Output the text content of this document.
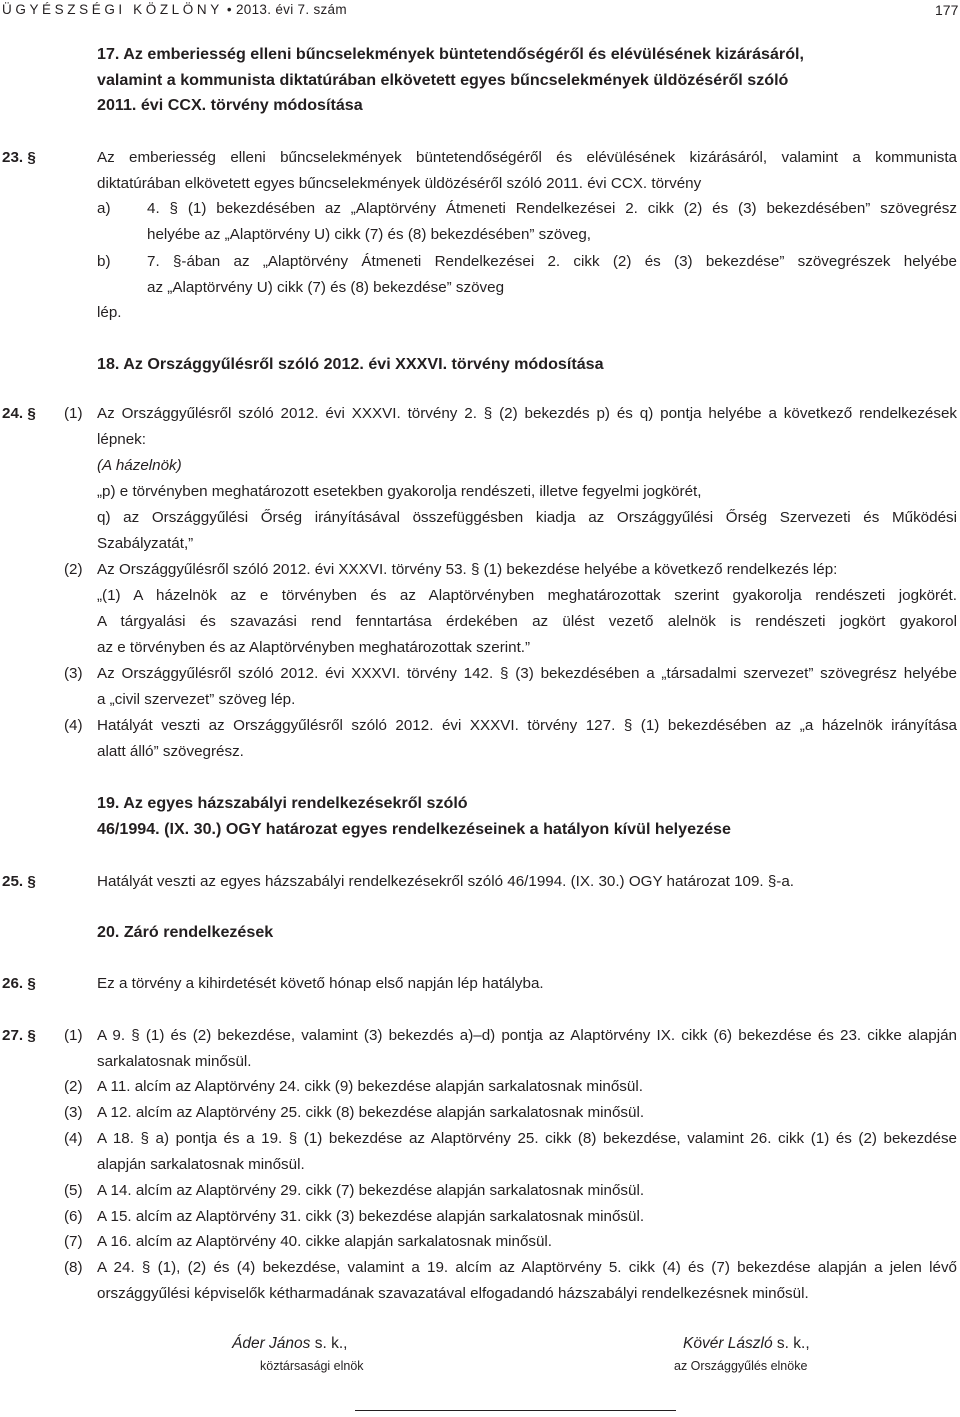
ÜGYÉSZSÉGI KÖZLÖNY • 2013. évi 7. szám	177
17. Az emberiesség elleni bűncselekmények büntetendőségéről és elévülésének kizárásáról,
valamint a kommunista diktatúrában elkövetett egyes bűncselekmények üldözéséről szóló
2011. évi CCX. törvény módosítása
23. §	Az emberiesség elleni bűncselekmények büntetendőségéről és elévülésének kizárásáról, valamint a kommunista
diktatúrában elkövetett egyes bűncselekmények üldözéséről szóló 2011. évi CCX. törvény
a) 4. § (1) bekezdésében az „Alaptörvény Átmeneti Rendelkezései 2. cikk (2) és (3) bekezdésében” szövegrész
helyébe az „Alaptörvény U) cikk (7) és (8) bekezdésében” szöveg,
b) 7. §-ában az „Alaptörvény Átmeneti Rendelkezései 2. cikk (2) és (3) bekezdése” szövegrészek helyébe
az „Alaptörvény U) cikk (7) és (8) bekezdése” szöveg
lép.
18. Az Országgyűlésről szóló 2012. évi XXXVI. törvény módosítása
24. § (1) Az Országgyűlésről szóló 2012. évi XXXVI. törvény 2. § (2) bekezdés p) és q) pontja helyébe a következő rendelkezések
lépnek:
(A házelnök)
„p) e törvényben meghatározott esetekben gyakorolja rendészeti, illetve fegyelmi jogkörét,
q) az Országgyűlési Őrség irányításával összefüggésben kiadja az Országgyűlési Őrség Szervezeti és Működési
Szabályzatát,”
(2) Az Országgyűlésről szóló 2012. évi XXXVI. törvény 53. § (1) bekezdése helyébe a következő rendelkezés lép:
„(1) A házelnök az e törvényben és az Alaptörvényben meghatározottak szerint gyakorolja rendészeti jogkörét.
A tárgyalási és szavazási rend fenntartása érdekében az ülést vezető alelnök is rendészeti jogkört gyakorol
az e törvényben és az Alaptörvényben meghatározottak szerint.”
(3) Az Országgyűlésről szóló 2012. évi XXXVI. törvény 142. § (3) bekezdésében a „társadalmi szervezet” szövegrész helyébe
a „civil szervezet” szöveg lép.
(4) Hatályát veszti az Országgyűlésről szóló 2012. évi XXXVI. törvény 127. § (1) bekezdésében az „a házelnök irányítása
alatt álló” szövegrész.
19. Az egyes házszabályi rendelkezésekről szóló
46/1994. (IX. 30.) OGY határozat egyes rendelkezéseinek a hatályon kívül helyezése
25. §	Hatályát veszti az egyes házszabályi rendelkezésekről szóló 46/1994. (IX. 30.) OGY határozat 109. §-a.
20. Záró rendelkezések
26. §	Ez a törvény a kihirdetését követő hónap első napján lép hatályba.
27. § (1) A 9. § (1) és (2) bekezdése, valamint (3) bekezdés a)‒d) pontja az Alaptörvény IX. cikk (6) bekezdése és 23. cikke alapján
sarkalatosnak minősül.
(2) A 11. alcím az Alaptörvény 24. cikk (9) bekezdése alapján sarkalatosnak minősül.
(3) A 12. alcím az Alaptörvény 25. cikk (8) bekezdése alapján sarkalatosnak minősül.
(4) A 18. § a) pontja és a 19. § (1) bekezdése az Alaptörvény 25. cikk (8) bekezdése, valamint 26. cikk (1) és (2) bekezdése
alapján sarkalatosnak minősül.
(5) A 14. alcím az Alaptörvény 29. cikk (7) bekezdése alapján sarkalatosnak minősül.
(6) A 15. alcím az Alaptörvény 31. cikk (3) bekezdése alapján sarkalatosnak minősül.
(7) A 16. alcím az Alaptörvény 40. cikke alapján sarkalatosnak minősül.
(8) A 24. § (1), (2) és (4) bekezdése, valamint a 19. alcím az Alaptörvény 5. cikk (4) és (7) bekezdése alapján a jelen lévő
országgyűlési képviselők kétharmadának szavazatával elfogadandó házszabályi rendelkezésnek minősül.
Áder János s. k.,
köztársasági elnök
Kövér László s. k.,
az Országgyűlés elnöke
